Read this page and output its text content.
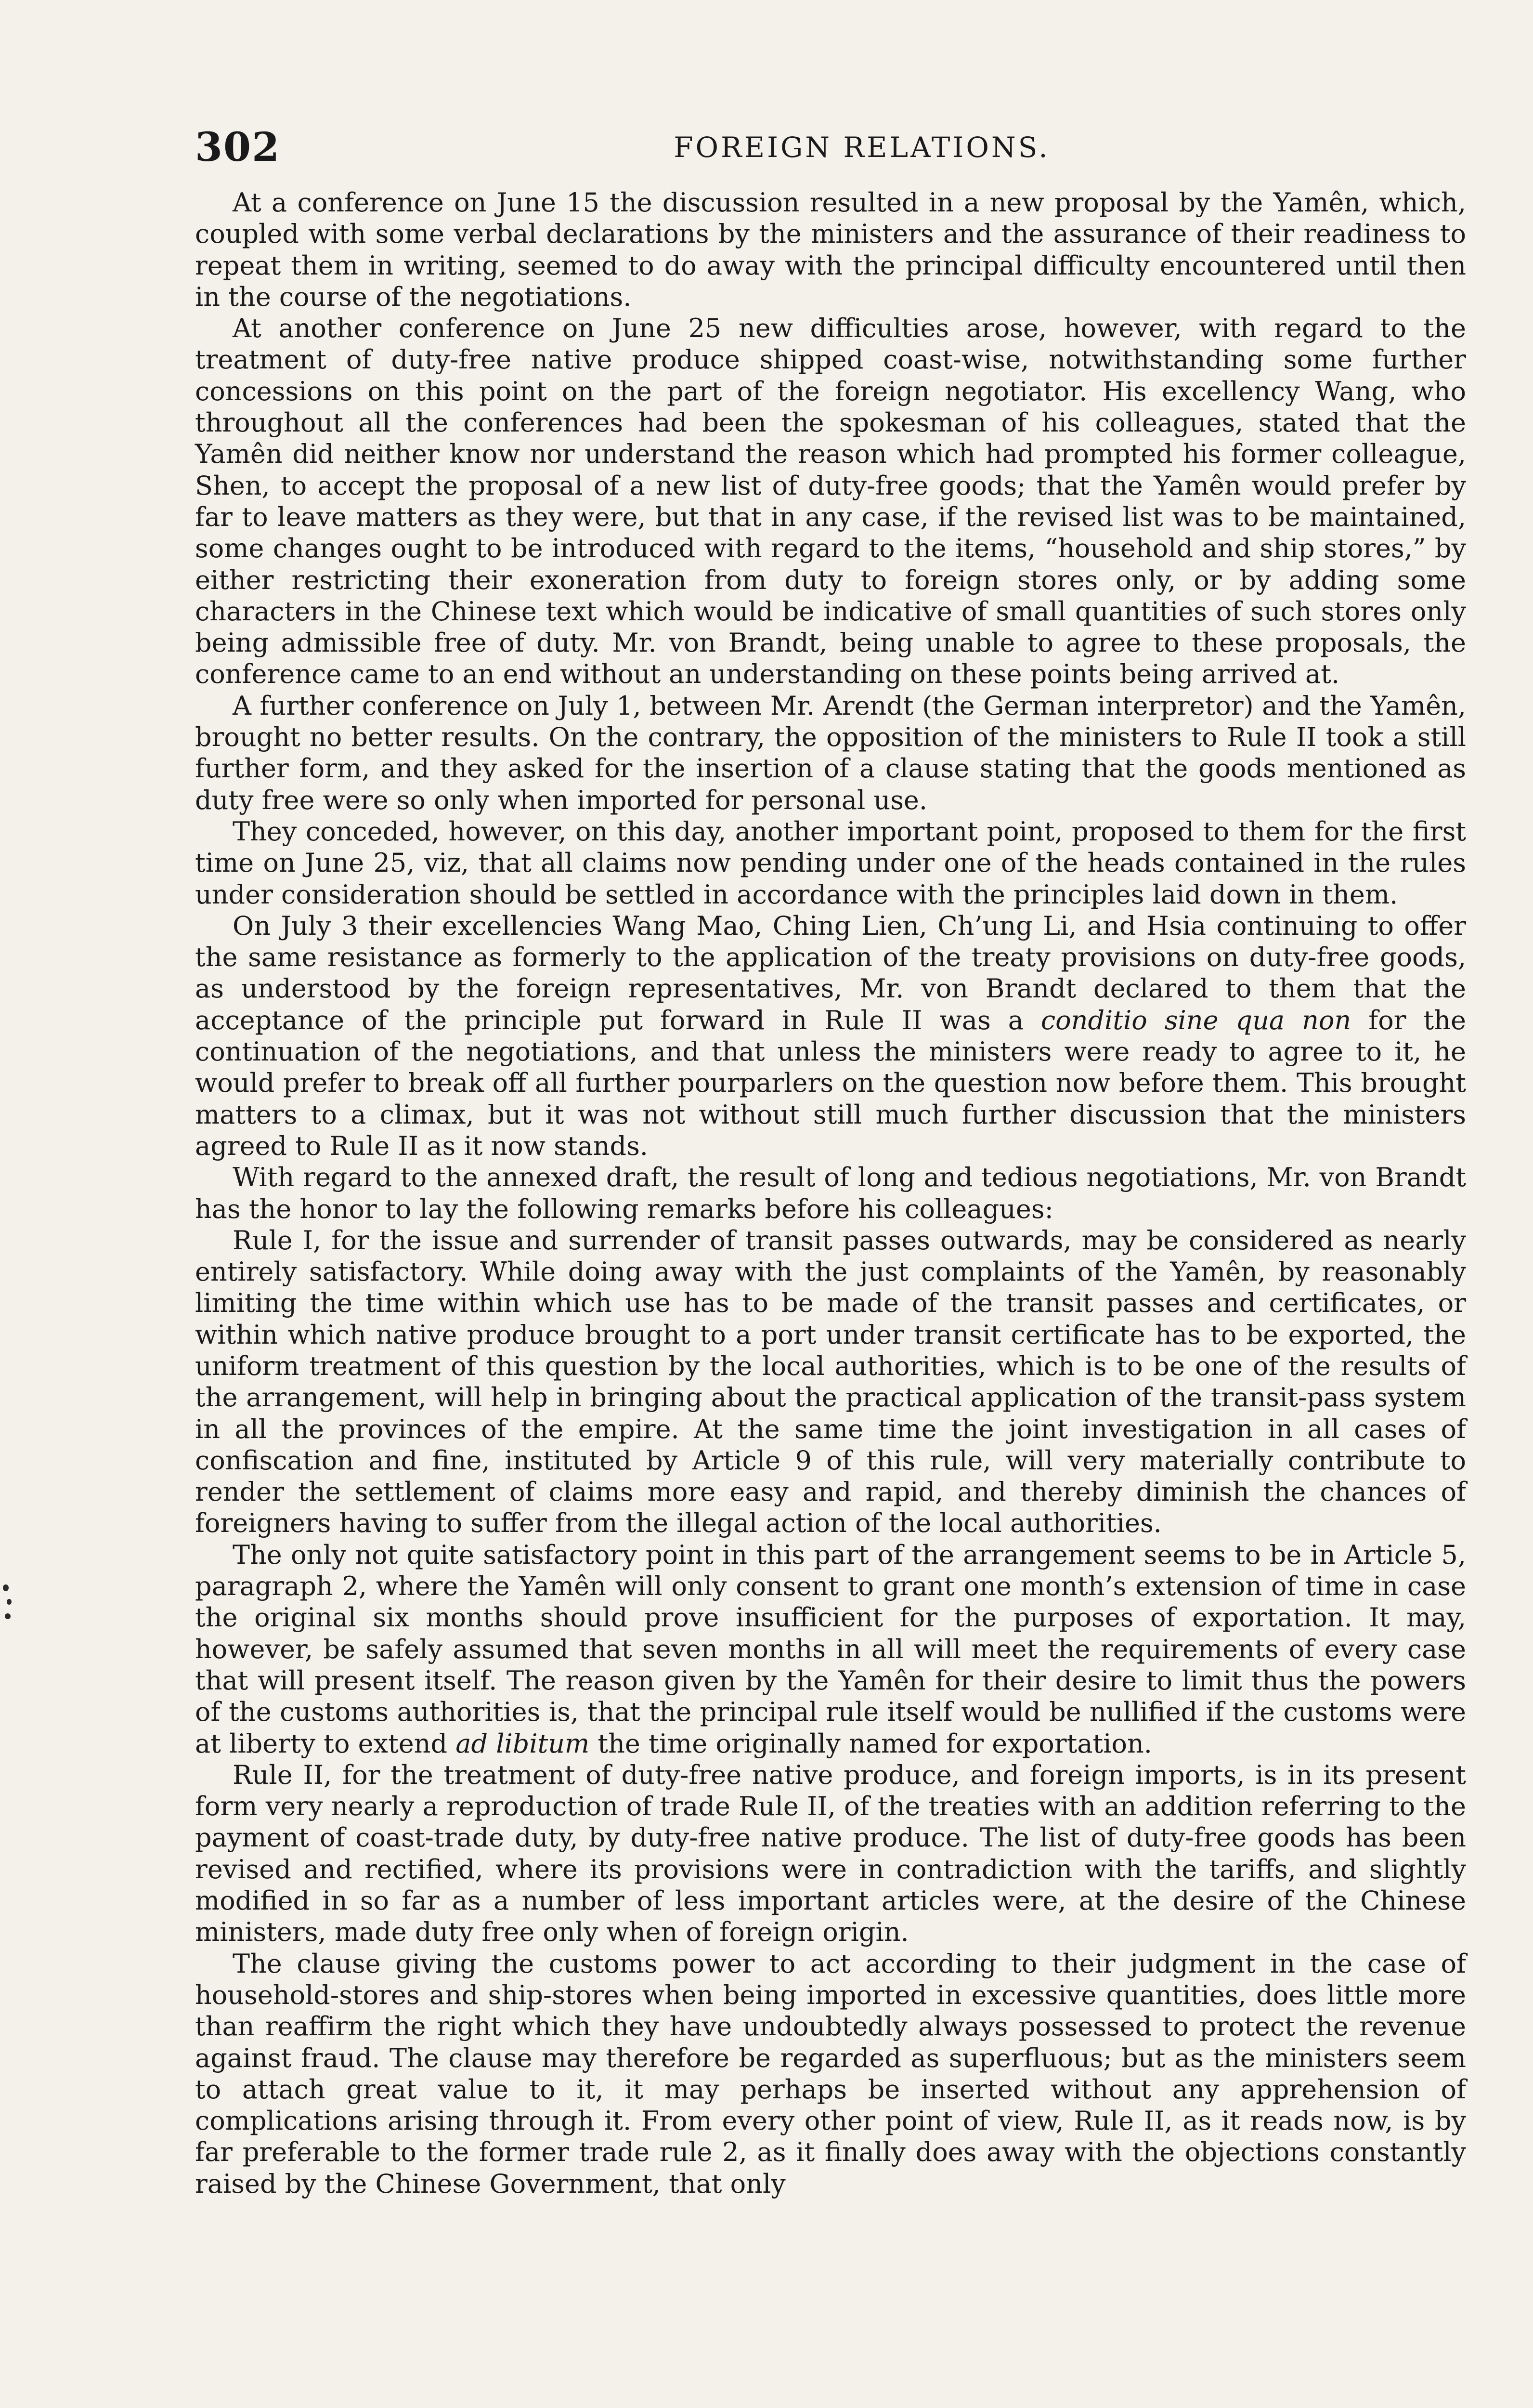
302	FOREIGN RELATIONS.

At a conference on June 15 the discussion resulted in a new proposal by the Yamên, which, coupled with some verbal declarations by the ministers and the assurance of their readiness to repeat them in writing, seemed to do away with the principal difficulty encountered until then in the course of the negotiations.

At another conference on June 25 new difficulties arose, however, with regard to the treatment of duty-free native produce shipped coast-wise, notwithstanding some further concessions on this point on the part of the foreign negotiator. His excellency Wang, who throughout all the conferences had been the spokesman of his colleagues, stated that the Yamên did neither know nor understand the reason which had prompted his former colleague, Shen, to accept the proposal of a new list of duty-free goods; that the Yamên would prefer by far to leave matters as they were, but that in any case, if the revised list was to be maintained, some changes ought to be introduced with regard to the items, “household and ship stores,” by either restricting their exoneration from duty to foreign stores only, or by adding some characters in the Chinese text which would be indicative of small quantities of such stores only being admissible free of duty. Mr. von Brandt, being unable to agree to these proposals, the conference came to an end without an understanding on these points being arrived at.

A further conference on July 1, between Mr. Arendt (the German interpretor) and the Yamên, brought no better results. On the contrary, the opposition of the ministers to Rule II took a still further form, and they asked for the insertion of a clause stating that the goods mentioned as duty free were so only when imported for personal use.

They conceded, however, on this day, another important point, proposed to them for the first time on June 25, viz, that all claims now pending under one of the heads contained in the rules under consideration should be settled in accordance with the principles laid down in them.

On July 3 their excellencies Wang Mao, Ching Lien, Ch’ung Li, and Hsia continuing to offer the same resistance as formerly to the application of the treaty provisions on duty-free goods, as understood by the foreign representatives, Mr. von Brandt declared to them that the acceptance of the principle put forward in Rule II was a conditio sine qua non for the continuation of the negotiations, and that unless the ministers were ready to agree to it, he would prefer to break off all further pourparlers on the question now before them. This brought matters to a climax, but it was not without still much further discussion that the ministers agreed to Rule II as it now stands.

With regard to the annexed draft, the result of long and tedious negotiations, Mr. von Brandt has the honor to lay the following remarks before his colleagues:

Rule I, for the issue and surrender of transit passes outwards, may be considered as nearly entirely satisfactory. While doing away with the just complaints of the Yamên, by reasonably limiting the time within which use has to be made of the transit passes and certificates, or within which native produce brought to a port under transit certificate has to be exported, the uniform treatment of this question by the local authorities, which is to be one of the results of the arrangement, will help in bringing about the practical application of the transit-pass system in all the provinces of the empire. At the same time the joint investigation in all cases of confiscation and fine, instituted by Article 9 of this rule, will very materially contribute to render the settlement of claims more easy and rapid, and thereby diminish the chances of foreigners having to suffer from the illegal action of the local authorities.

The only not quite satisfactory point in this part of the arrangement seems to be in Article 5, paragraph 2, where the Yamên will only consent to grant one month’s extension of time in case the original six months should prove insufficient for the purposes of exportation. It may, however, be safely assumed that seven months in all will meet the requirements of every case that will present itself. The reason given by the Yamên for their desire to limit thus the powers of the customs authorities is, that the principal rule itself would be nullified if the customs were at liberty to extend ad libitum the time originally named for exportation.

Rule II, for the treatment of duty-free native produce, and foreign imports, is in its present form very nearly a reproduction of trade Rule II, of the treaties with an addition referring to the payment of coast-trade duty, by duty-free native produce. The list of duty-free goods has been revised and rectified, where its provisions were in contradiction with the tariffs, and slightly modified in so far as a number of less important articles were, at the desire of the Chinese ministers, made duty free only when of foreign origin.

The clause giving the customs power to act according to their judgment in the case of household-stores and ship-stores when being imported in excessive quantities, does little more than reaffirm the right which they have undoubtedly always possessed to protect the revenue against fraud. The clause may therefore be regarded as superfluous; but as the ministers seem to attach great value to it, it may perhaps be inserted without any apprehension of complications arising through it. From every other point of view, Rule II, as it reads now, is by far preferable to the former trade rule 2, as it finally does away with the objections constantly raised by the Chinese Government, that only
